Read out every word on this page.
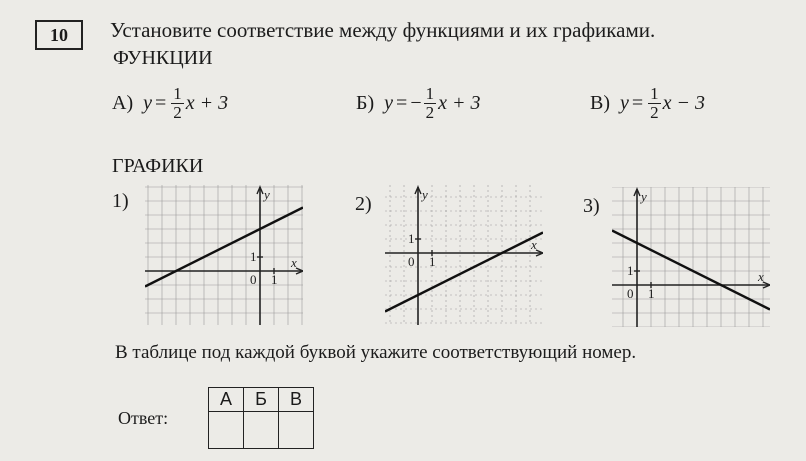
10	Установите соответствие между функциями и их графиками.
ФУНКЦИИ
А) $y = \frac{1}{2}$ x + 3	Б) y = − $\frac{1}{2}$ x + 3	В) $y = \frac{1}{2}$ x − 3
ГРАФИКИ
1)	2)	3)
y
x
0 1
1
y
x
0 1
1
y
x
0 1
1
В таблице под каждой буквой укажите соответствующий номер.
Ответ:
А	Б	В
